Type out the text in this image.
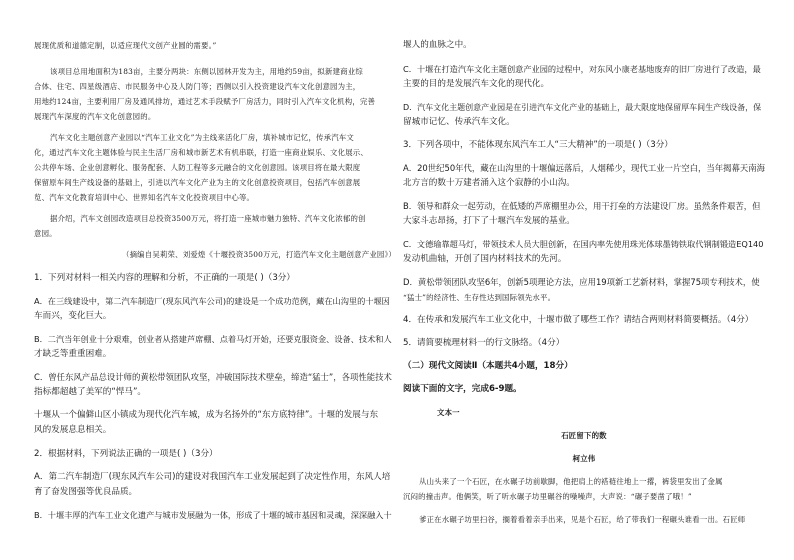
展现优质和道德定制，以适应现代文创产业圆的需要。”
该项目总用地面积为183亩，主要分两块：东侧以园林开发为主，用地约59亩，拟新建商业综
合体、住宅、四星级酒店、市民服务中心及人防门等；西侧以引入投资建设汽车文化创意园为主，
用地约124亩，主要利用厂房及通风排坊，通过艺术手段赋予厂房活力，同时引入汽车文化机构，完善
展现汽车深度的汽车文化创意园的。
汽车文化主题创意产业园以“汽车工业文化”为主线来活化厂房，填补城市记忆，传承汽车文
化，通过汽车文化主题体验与民主生活厂房和城市新艺术有机串联，打造一座商业娱乐、文化展示、
公共停车场、企业创意孵化、服务配套、人防工程等多元融合的文化创意园。该项目将在最大限度
保留原车间生产线设备的基础上，引进以汽车文化产业为主的文化创意投资项目，包括汽车创意展
览、汽车文化教育培训中心、世界知名汽车文化投资项目中心等。
据介绍，汽车文创园改造项目总投资3500万元，将打造一座城市魅力独特、汽车文化浓郁的创
意园。
（摘编自吴莉荣、刘爱煌《十堰投资3500万元，打造汽车文化主题创意产业园》）
1．下列对材料一相关内容的理解和分析，不正确的一项是( )（3分）
A．在三线建设中，第二汽车制造厂(现东风汽车公司)的建设是一个成功范例，藏在山沟里的十堰因
车而兴，变化巨大。
B．二汽当年创业十分艰难，创业者从搭建芦席棚、点着马灯开始，还要克服资金、设备、技术和人
才缺乏等重重困难。
C．曾任东风产品总设计师的黄松带领团队攻坚，冲破国际技术壁垒，缔造“猛士”，各项性能技术
指标都超越了美军的“悍马”。
十堰从一个偏僻山区小镇成为现代化汽车城，成为名扬外的“东方底特律”。十堰的发展与东
风的发展息息相关。
2．根据材料，下列说法正确的一项是( )（3分）
A．第二汽车制造厂(现东风汽车公司)的建设对我国汽车工业发展起到了决定性作用，东风人培
育了奋发图强等优良品质。
B．十堰丰厚的汽车工业文化遗产与城市发展融为一体，形成了十堰的城市基因和灵魂，深深融入十
堰人的血脉之中。
C．十堰在打造汽车文化主题创意产业园的过程中，对东风小康老基地废弃的旧厂房进行了改造，最
主要的目的是发展汽车文化的现代化。
D．汽车文化主题创意产业园是在引进汽车文化产业的基础上，最大限度地保留厚车间生产线设备，保
留城市记忆、传承汽车文化。
3．下列各项中，不能体现东风汽车工人“三大精神”的一项是( )（3分）
A．20世纪50年代，藏在山沟里的十堰偏远落后，人烟稀少，现代工业一片空白，当年揭幕天南海
北方言的数十万建者涌入这个寂静的小山沟。
B．领导和群众一起劳动，在低矮的芦席棚里办公，用干打垒的方法建设厂房。虽然条件艰苦，但
大家斗志昂扬，打下了十堰汽车发展的基业。
C．文德瑜靠超马灯，带领技术人员大胆创新，在国内率先使用珠光体球墨铸铁取代钢制锻造EQ140
发动机曲轴，开创了国内材料技术的先河。
D．黄松带领团队攻坚6年，创新5项理论方法，应用19项新工艺新材料，掌握75项专利技术，使
“猛士”的经济性、生存性达到国际领先水平。
4．在传承和发展汽车工业文化中，十堰市做了哪些工作？请结合两则材料简要概括。（4分）
5．请简要梳理材料一的行文脉络。（4分）
（二）现代文阅读Ⅱ（本题共4小题，18分）
阅读下面的文字，完成6-9题。
文本一
石匠留下的数
柯立伟
从山头来了一个石匠，在水碾子坊前歇脚，他把肩上的褡裢往地上一撂，裤袋里发出了金属
沉闷的撞击声。他俩笑，听了听水碾子坊里碾谷的噪噪声，大声说：“碾子要凿了哦！”
爹正在水碾子坊里扫谷，搁着看着亲手出来，见是个石匠，给了带我们一程碾头谁看一出。石匠师
